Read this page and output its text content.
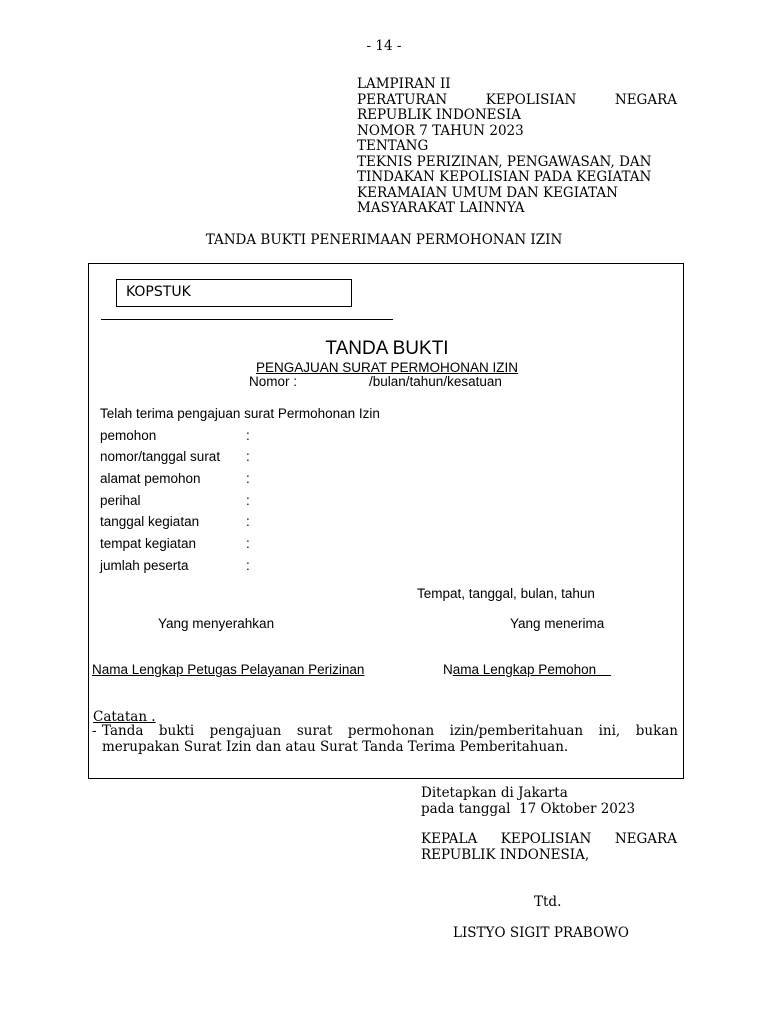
- 14 -
LAMPIRAN II
PERATURAN	KEPOLISIAN	NEGARA
REPUBLIK INDONESIA
NOMOR 7 TAHUN 2023
TENTANG
TEKNIS PERIZINAN, PENGAWASAN, DAN
TINDAKAN KEPOLISIAN PADA KEGIATAN
KERAMAIAN UMUM DAN KEGIATAN
MASYARAKAT LAINNYA
TANDA BUKTI PENERIMAAN PERMOHONAN IZIN
KOPSTUK
TANDA BUKTI
PENGAJUAN SURAT PERMOHONAN IZIN
Nomor :	/bulan/tahun/kesatuan
Telah terima pengajuan surat Permohonan Izin
pemohon	:
nomor/tanggal surat :
alamat pemohon	:
perihal	:
tanggal kegiatan	:
tempat kegiatan	:
jumlah peserta	:
Tempat, tanggal, bulan, tahun
Yang menyerahkan	Yang menerima
Nama Lengkap Petugas Pelayanan Perizinan	Nama Lengkap Pemohon
Catatan .
- Tanda bukti pengajuan surat permohonan izin/pemberitahuan ini, bukan
merupakan Surat Izin dan atau Surat Tanda Terima Pemberitahuan.
Ditetapkan di Jakarta
pada tanggal  17 Oktober 2023
KEPALA KEPOLISIAN NEGARA
REPUBLIK INDONESIA,
Ttd.
LISTYO SIGIT PRABOWO
